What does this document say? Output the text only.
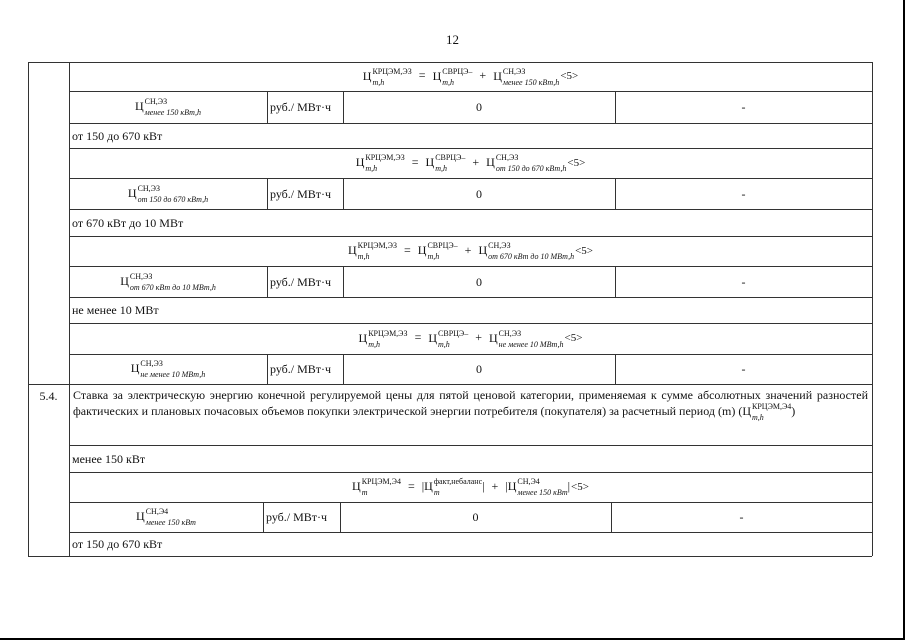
12
Ц КРЦЭМ,ЭЗ
m,h	= Ц СВРЦЭ–
m,h	+ Ц СН,ЭЗ
менее 150 кВт,h <5>
Ц СН,ЭЗ
менее 150 кВт,h	руб./ МВт·ч	0	-
от 150 до 670 кВт
Ц КРЦЭМ,ЭЗ
m,h	= Ц СВРЦЭ–
m,h	+ Ц СН,ЭЗ
от 150 до 670 кВт,h <5>
Ц СН,ЭЗ
от 150 до 670 кВт,h	руб./ МВт·ч	0	-
от 670 кВт до 10 МВт
Ц КРЦЭМ,ЭЗ
m,h	= Ц СВРЦЭ–
m,h	+ Ц СН,ЭЗ
от 670 кВт до 10 МВт,h <5>
Ц СН,ЭЗ
от 670 кВт до 10 МВт,h	руб./ МВт·ч	0	-
не менее 10 МВт
Ц КРЦЭМ,ЭЗ
m,h	= Ц СВРЦЭ–
m,h	+ Ц СН,ЭЗ
не менее 10 МВт,h <5>
Ц СН,ЭЗ
не менее 10 МВт,h	руб./ МВт·ч	0	-
5.4.	Ставка за электрическую энергию конечной регулируемой цены для пятой ценовой категории, применяемая к сумме абсолютных значений разностей фактических и плановых почасовых объемов покупки электрической энергии потребителя (покупателя) за расчетный период (m) (Ц КРЦЭМ,Э4
m,h	)
менее 150 кВт
Ц КРЦЭМ,Э4
m	= |Ц факт,небаланс
m	| + |Ц СН,Э4
менее 150 кВт |<5>
Ц СН,Э4
менее 150 кВт	руб./ МВт·ч	0	-
от 150 до 670 кВт
